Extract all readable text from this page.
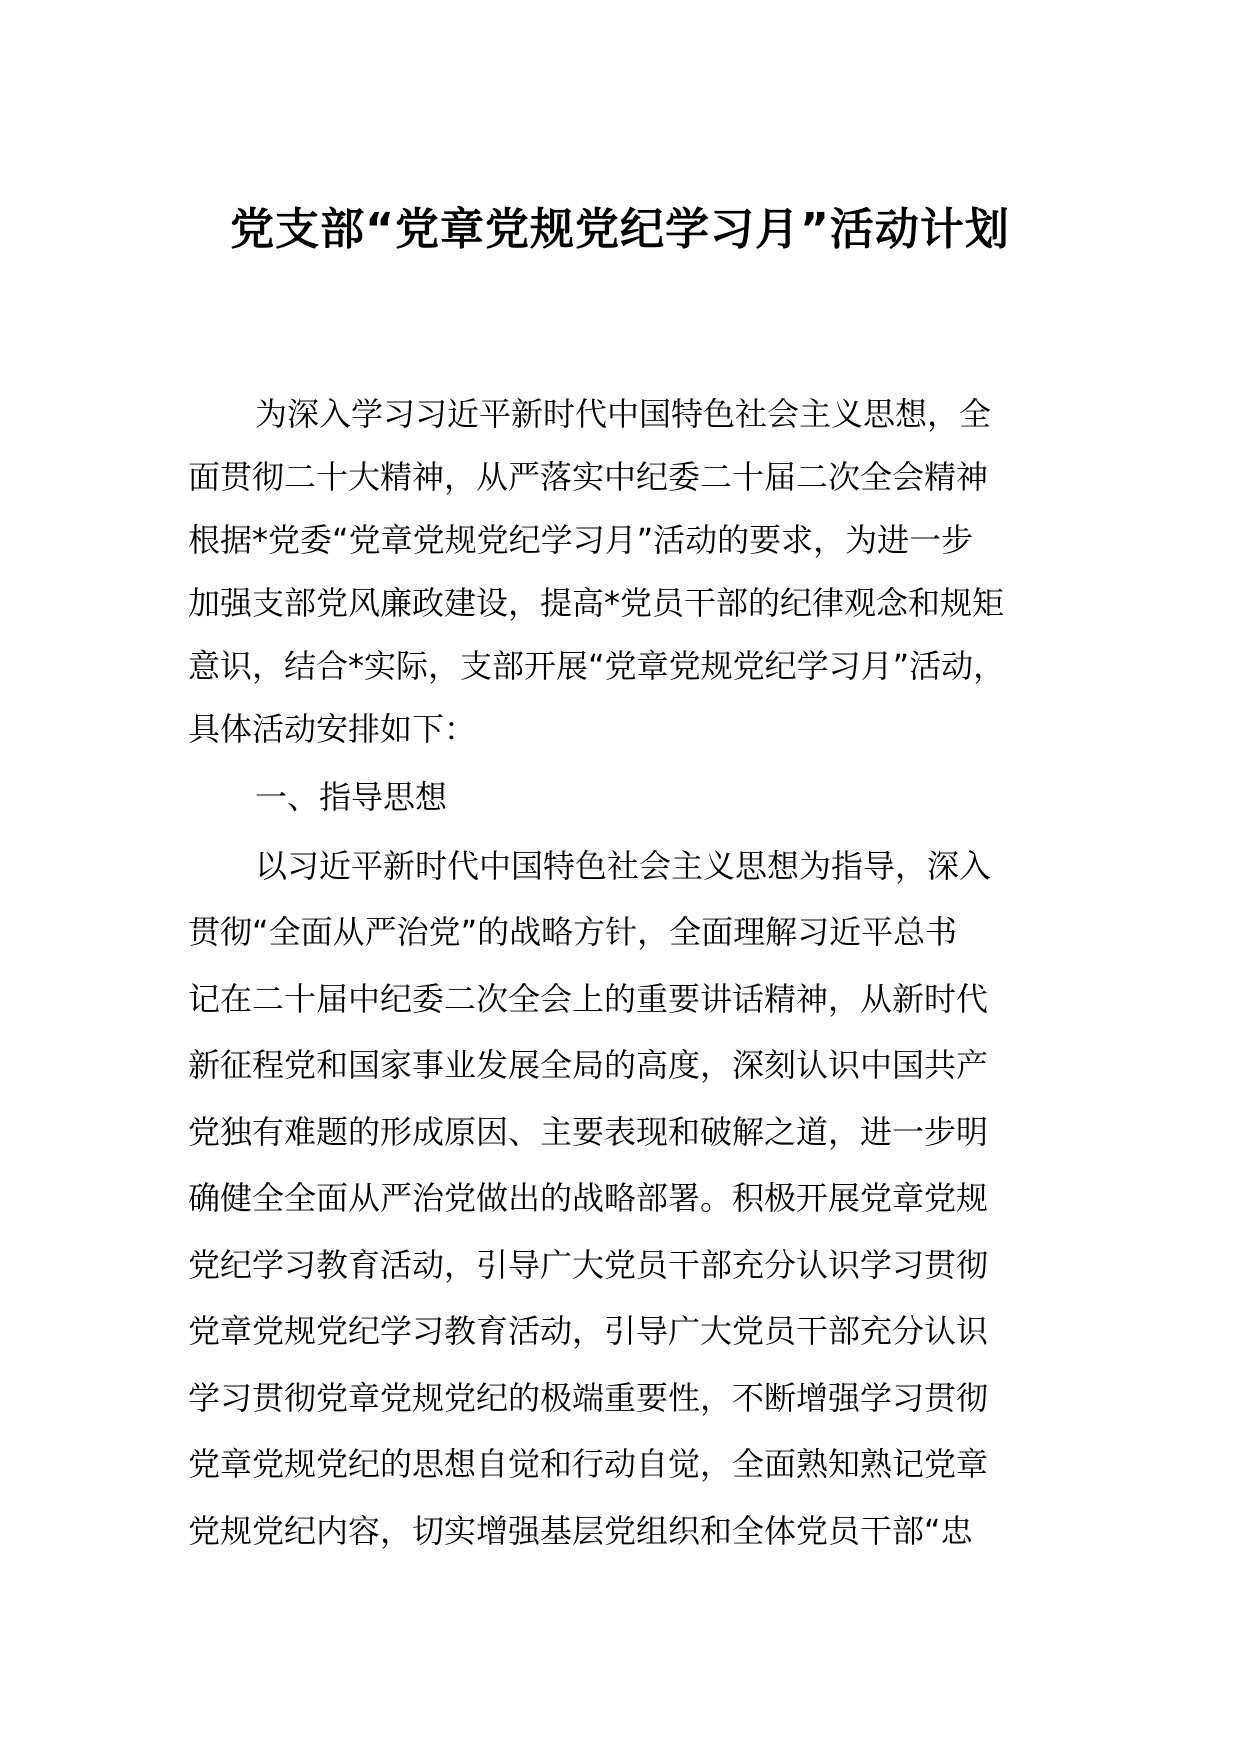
党支部“党章党规党纪学习月”活动计划
为深入学习习近平新时代中国特色社会主义思想，全
面贯彻二十大精神，从严落实中纪委二十届二次全会精神
根据*党委“党章党规党纪学习月”活动的要求，为进一步
加强支部党风廉政建设，提高*党员干部的纪律观念和规矩
意识，结合*实际，支部开展“党章党规党纪学习月”活动，
具体活动安排如下：
一、指导思想
以习近平新时代中国特色社会主义思想为指导，深入
贯彻“全面从严治党”的战略方针，全面理解习近平总书
记在二十届中纪委二次全会上的重要讲话精神，从新时代
新征程党和国家事业发展全局的高度，深刻认识中国共产
党独有难题的形成原因、主要表现和破解之道，进一步明
确健全全面从严治党做出的战略部署。积极开展党章党规
党纪学习教育活动，引导广大党员干部充分认识学习贯彻
党章党规党纪学习教育活动，引导广大党员干部充分认识
学习贯彻党章党规党纪的极端重要性，不断增强学习贯彻
党章党规党纪的思想自觉和行动自觉，全面熟知熟记党章
党规党纪内容，切实增强基层党组织和全体党员干部“忠
